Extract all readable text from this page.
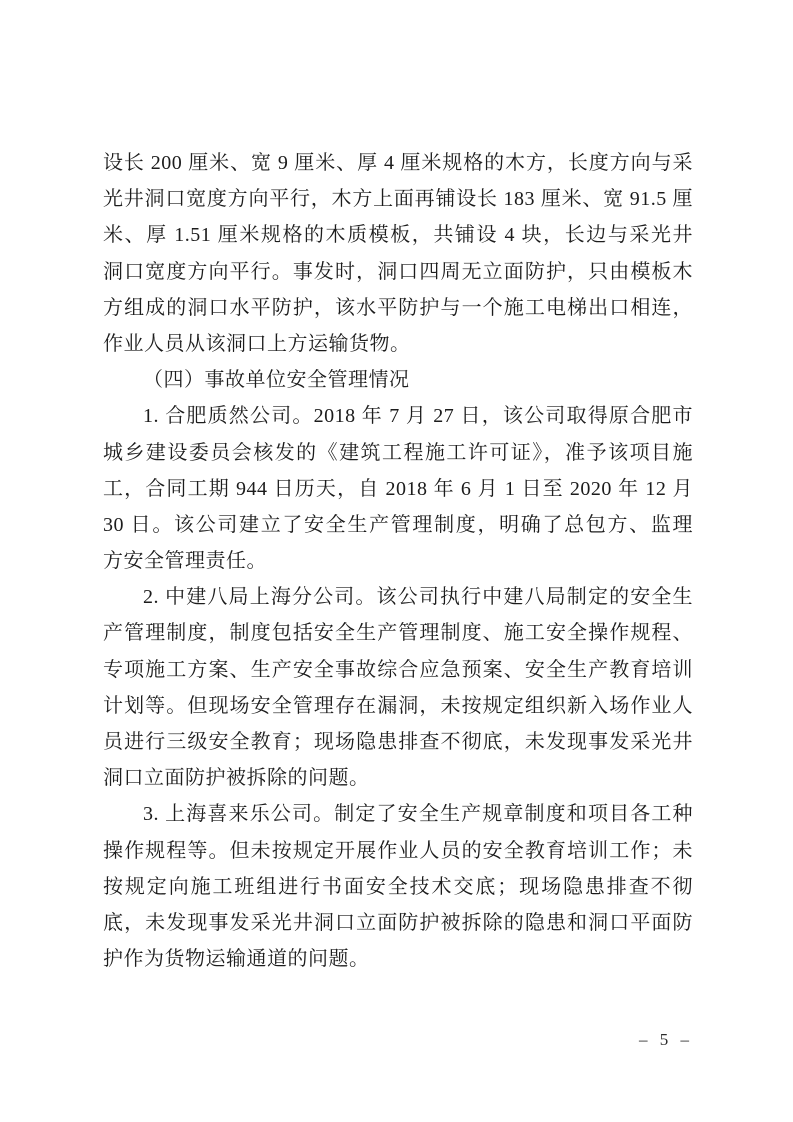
设长 200 厘米、宽 9 厘米、厚 4 厘米规格的木方，长度方向与采
光井洞口宽度方向平行，木方上面再铺设长 183 厘米、宽 91.5 厘
米、厚 1.51 厘米规格的木质模板，共铺设 4 块，长边与采光井
洞口宽度方向平行。事发时，洞口四周无立面防护，只由模板木
方组成的洞口水平防护，该水平防护与一个施工电梯出口相连，
作业人员从该洞口上方运输货物。
（四）事故单位安全管理情况
1. 合肥质然公司。2018 年 7 月 27 日，该公司取得原合肥市
城乡建设委员会核发的《建筑工程施工许可证》，准予该项目施
工，合同工期 944 日历天，自 2018 年 6 月 1 日至 2020 年 12 月
30 日。该公司建立了安全生产管理制度，明确了总包方、监理
方安全管理责任。
2. 中建八局上海分公司。该公司执行中建八局制定的安全生
产管理制度，制度包括安全生产管理制度、施工安全操作规程、
专项施工方案、生产安全事故综合应急预案、安全生产教育培训
计划等。但现场安全管理存在漏洞，未按规定组织新入场作业人
员进行三级安全教育；现场隐患排查不彻底，未发现事发采光井
洞口立面防护被拆除的问题。
3. 上海喜来乐公司。制定了安全生产规章制度和项目各工种
操作规程等。但未按规定开展作业人员的安全教育培训工作；未
按规定向施工班组进行书面安全技术交底；现场隐患排查不彻
底，未发现事发采光井洞口立面防护被拆除的隐患和洞口平面防
护作为货物运输通道的问题。
– 5 –
